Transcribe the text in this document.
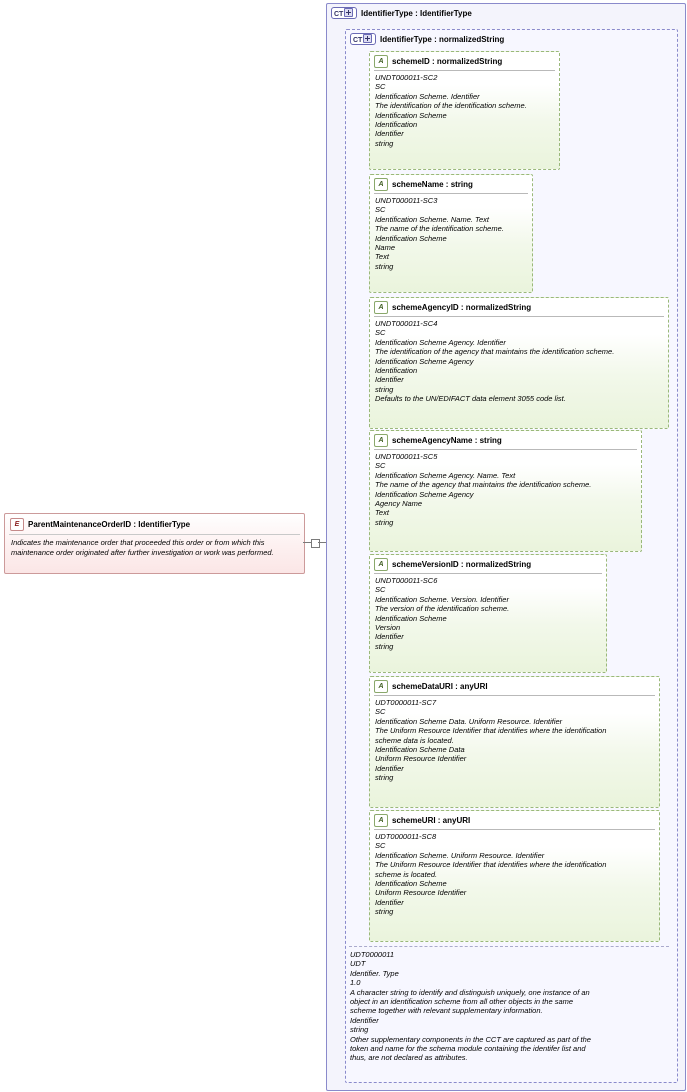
CT IdentifierType : IdentifierType
CT IdentifierType : normalizedString
A schemeID : normalizedString
UNDT000011-SC2
SC
Identification Scheme. Identifier
The identification of the identification scheme.
Identification Scheme
Identification
Identifier
string
A schemeName : string
UNDT000011-SC3
SC
Identification Scheme. Name. Text
The name of the identification scheme.
Identification Scheme
Name
Text
string
A schemeAgencyID : normalizedString
UNDT000011-SC4
SC
Identification Scheme Agency. Identifier
The identification of the agency that maintains the identification scheme.
Identification Scheme Agency
Identification
Identifier
string
Defaults to the UN/EDIFACT data element 3055 code list.
A schemeAgencyName : string
UNDT000011-SC5
SC
Identification Scheme Agency. Name. Text
The name of the agency that maintains the identification scheme.
Identification Scheme Agency
Agency Name
Text
string
A schemeVersionID : normalizedString
UNDT000011-SC6
SC
Identification Scheme. Version. Identifier
The version of the identification scheme.
Identification Scheme
Version
Identifier
string
A schemeDataURI : anyURI
UDT0000011-SC7
SC
Identification Scheme Data. Uniform Resource. Identifier
The Uniform Resource Identifier that identifies where the identification
scheme data is located.
Identification Scheme Data
Uniform Resource Identifier
Identifier
string
A schemeURI : anyURI
UDT0000011-SC8
SC
Identification Scheme. Uniform Resource. Identifier
The Uniform Resource Identifier that identifies where the identification
scheme is located.
Identification Scheme
Uniform Resource Identifier
Identifier
string
UDT0000011
UDT
Identifier. Type
1.0
A character string to identify and distinguish uniquely, one instance of an
object in an identification scheme from all other objects in the same
scheme together with relevant supplementary information.
Identifier
string
Other supplementary components in the CCT are captured as part of the
token and name for the schema module containing the identifer list and
thus, are not declared as attributes.
E ParentMaintenanceOrderID : IdentifierType
Indicates the maintenance order that proceeded this order or from which this maintenance order originated after further investigation or work was performed.
